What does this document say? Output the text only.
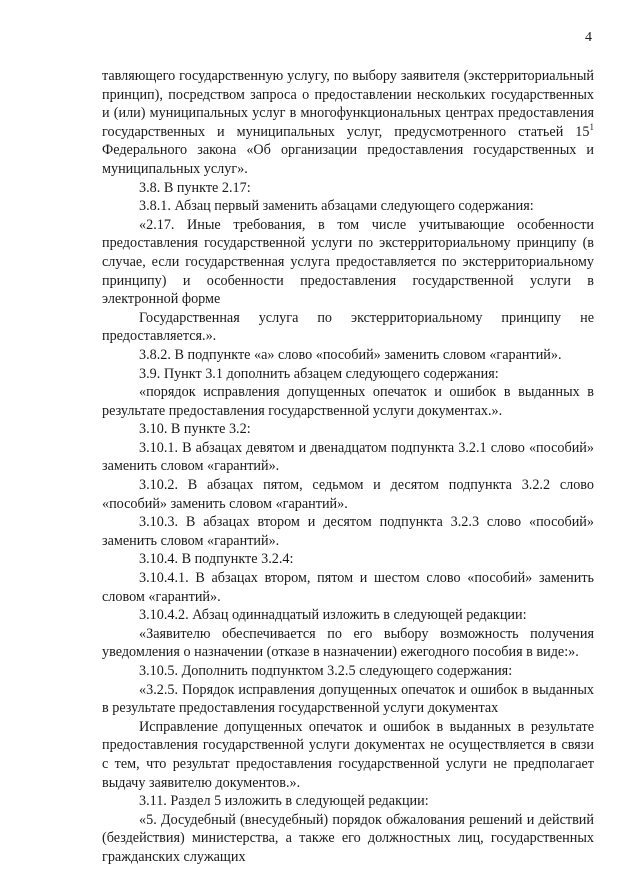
4

тавляющего государственную услугу, по выбору заявителя (экстерриториальный принцип), посредством запроса о предоставлении нескольких государственных и (или) муниципальных услуг в многофункциональных центрах предоставления государственных и муниципальных услуг, предусмотренного статьей $15^1$ Федерального закона «Об организации предоставления государственных и муниципальных услуг».

3.8. В пункте 2.17:

3.8.1. Абзац первый заменить абзацами следующего содержания:

«2.17. Иные требования, в том числе учитывающие особенности предоставления государственной услуги по экстерриториальному принципу (в случае, если государственная услуга предоставляется по экстерриториальному принципу) и особенности предоставления государственной услуги в электронной форме

Государственная услуга по экстерриториальному принципу не предоставляется.».

3.8.2. В подпункте «а» слово «пособий» заменить словом «гарантий».

3.9. Пункт 3.1 дополнить абзацем следующего содержания:

«порядок исправления допущенных опечаток и ошибок в выданных в результате предоставления государственной услуги документах.».

3.10. В пункте 3.2:

3.10.1. В абзацах девятом и двенадцатом подпункта 3.2.1 слово «пособий» заменить словом «гарантий».

3.10.2. В абзацах пятом, седьмом и десятом подпункта 3.2.2 слово «пособий» заменить словом «гарантий».

3.10.3. В абзацах втором и десятом подпункта 3.2.3 слово «пособий» заменить словом «гарантий».

3.10.4. В подпункте 3.2.4:

3.10.4.1. В абзацах втором, пятом и шестом слово «пособий» заменить словом «гарантий».

3.10.4.2. Абзац одиннадцатый изложить в следующей редакции:

«Заявителю обеспечивается по его выбору возможность получения уведомления о назначении (отказе в назначении) ежегодного пособия в виде:».

3.10.5. Дополнить подпунктом 3.2.5 следующего содержания:

«3.2.5. Порядок исправления допущенных опечаток и ошибок в выданных в результате предоставления государственной услуги документах

Исправление допущенных опечаток и ошибок в выданных в результате предоставления государственной услуги документах не осуществляется в связи с тем, что результат предоставления государственной услуги не предполагает выдачу заявителю документов.».

3.11. Раздел 5 изложить в следующей редакции:

«5. Досудебный (внесудебный) порядок обжалования решений и действий (бездействия) министерства, а также его должностных лиц, государственных гражданских служащих
